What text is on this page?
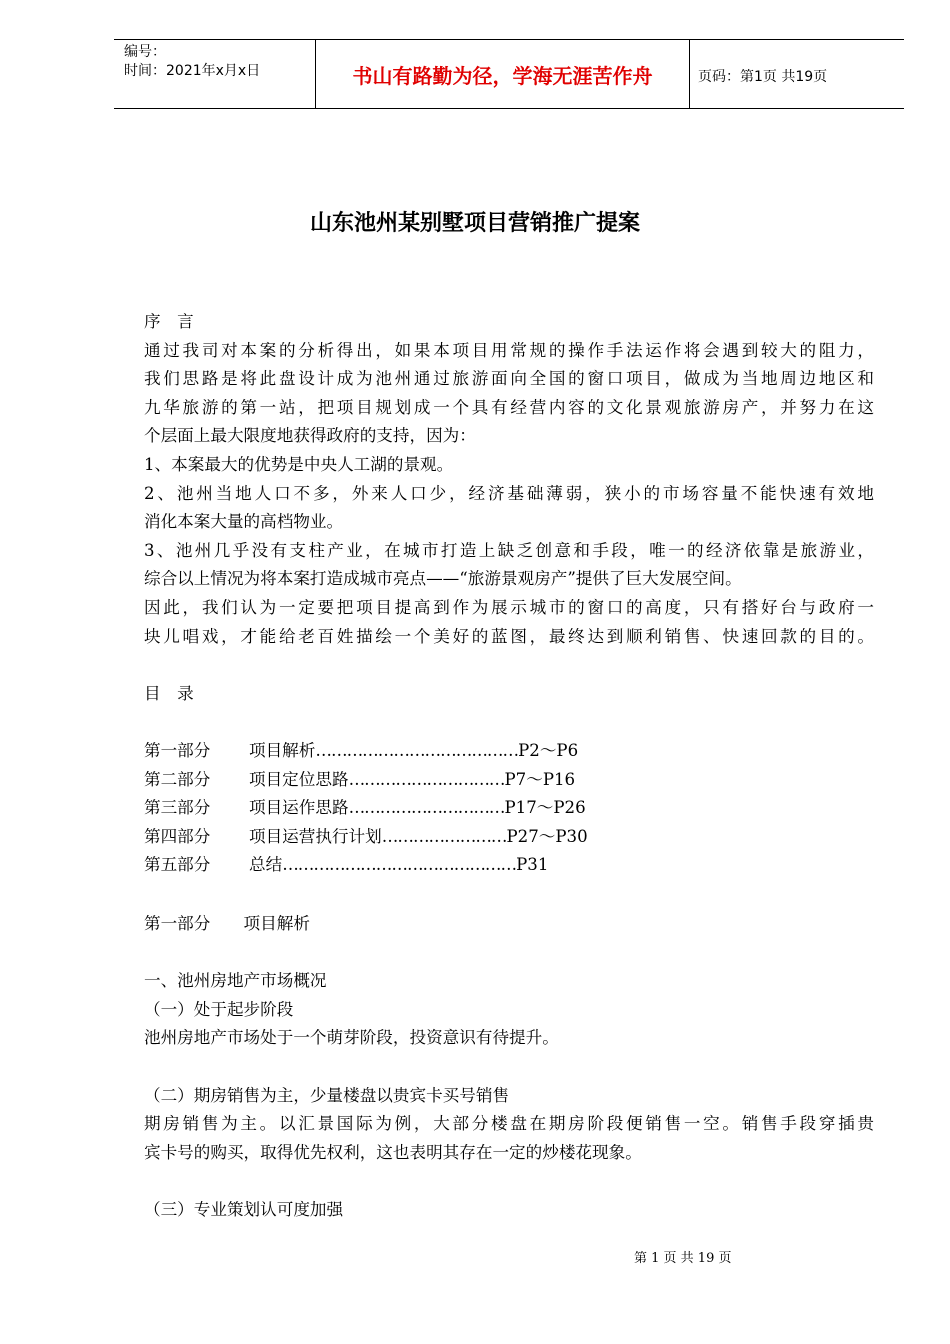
编号：
时间：2021年x月x日	书山有路勤为径，学海无涯苦作舟	页码：第1页 共19页
山东池州某别墅项目营销推广提案
序　言
通过我司对本案的分析得出，如果本项目用常规的操作手法运作将会遇到较大的阻力，
我们思路是将此盘设计成为池州通过旅游面向全国的窗口项目，做成为当地周边地区和
九华旅游的第一站，把项目规划成一个具有经营内容的文化景观旅游房产，并努力在这
个层面上最大限度地获得政府的支持，因为：
1、本案最大的优势是中央人工湖的景观。
2、池州当地人口不多，外来人口少，经济基础薄弱，狭小的市场容量不能快速有效地
消化本案大量的高档物业。
3、池州几乎没有支柱产业，在城市打造上缺乏创意和手段，唯一的经济依靠是旅游业，
综合以上情况为将本案打造成城市亮点——“旅游景观房产”提供了巨大发展空间。
因此，我们认为一定要把项目提高到作为展示城市的窗口的高度，只有搭好台与政府一
块儿唱戏，才能给老百姓描绘一个美好的蓝图，最终达到顺利销售、快速回款的目的。
目　录
第一部分 项目解析…………………………………P2～P6
第二部分 项目定位思路…………………………P7～P16
第三部分 项目运作思路…………………………P17～P26
第四部分 项目运营执行计划……………………P27～P30
第五部分 总结………………………………………P31
第一部分　　项目解析
一、池州房地产市场概况
（一）处于起步阶段
池州房地产市场处于一个萌芽阶段，投资意识有待提升。
（二）期房销售为主，少量楼盘以贵宾卡买号销售
期房销售为主。以汇景国际为例，大部分楼盘在期房阶段便销售一空。销售手段穿插贵
宾卡号的购买，取得优先权利，这也表明其存在一定的炒楼花现象。
（三）专业策划认可度加强
第 1 页 共 19 页
